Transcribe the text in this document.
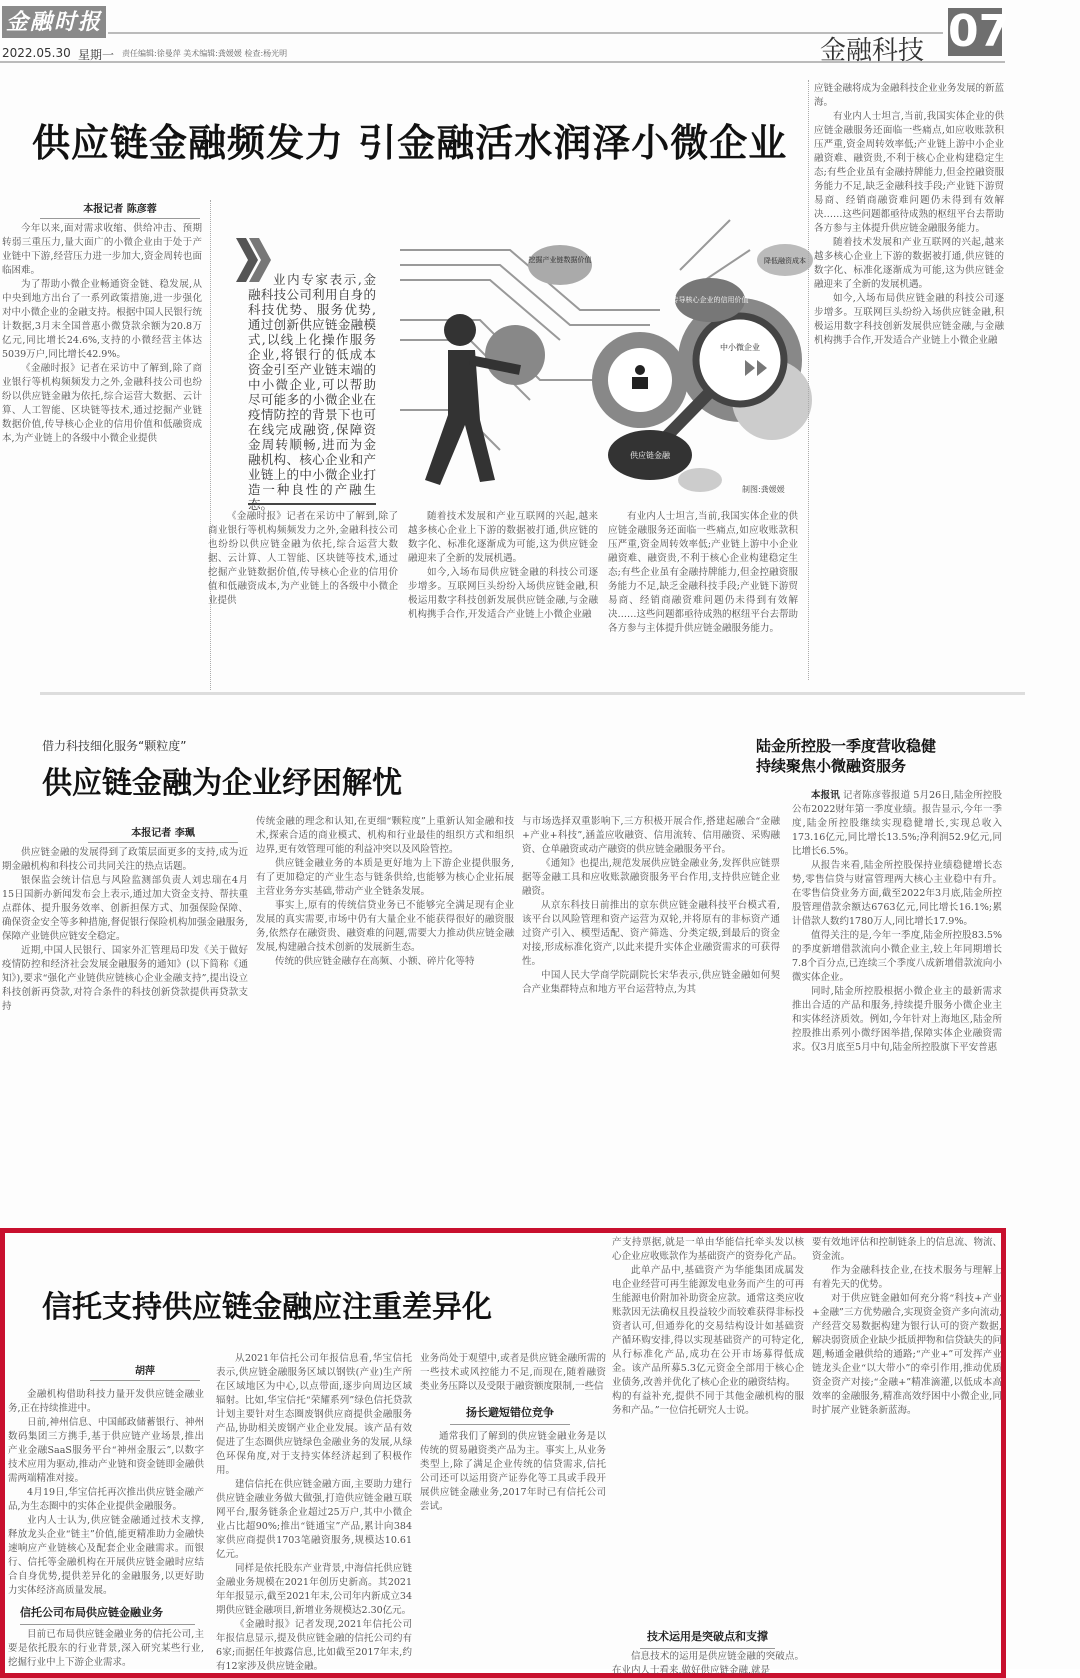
金融时报
2022.05.30 星期一 责任编辑:徐曼萍 美术编辑:龚媛媛 检查:杨光明	金融科技 07
供应链金融频发力 引金融活水润泽小微企业
本报记者 陈彦蓉

今年以来,面对需求收缩、供给冲击、预期转弱三重压力,量大面广的小微企业由于处于产业链中下游,经营压力进一步加大,资金周转也面临困难。

为了帮助小微企业畅通资金链、稳发展,从中央到地方出台了一系列政策措施,进一步强化对中小微企业的金融支持。根据中国人民银行统计数据,3月末全国普惠小微贷款余额为20.8万亿元,同比增长24.6%,支持的小微经营主体达5039万户,同比增长42.9%。

《金融时报》记者在采访中了解到,除了商业银行等机构频频发力之外,金融科技公司也纷纷以供应链金融为依托,综合运营大数据、云计算、人工智能、区块链等技术,通过挖掘产业链数据价值,传导核心企业的信用价值和低融资成本,为产业链上的各级中小微企业提供

业内专家表示,金融科技公司利用自身的科技优势、服务优势,通过创新供应链金融模式,以线上化操作服务企业,将银行的低成本资金引至产业链末端的中小微企业,可以帮助尽可能多的小微企业在疫情防控的背景下也可在线完成融资,保障资金周转顺畅,进而为金融机构、核心企业和产业链上的中小微企业打造一种良性的产融生

挖掘产业链数据价值
传导核心企业的信用价值
降低融资成本
中小微企业
供应链金融
制图:龚媛媛

《金融时报》记者在采访中了解到,除了商业银行等机构频频发力之外,金融科技公司也纷纷以供应链金融为依托,综合运营大数据、云计算、人工智能、区块链等技术,通过挖掘产业链数据价值,传导核心企业的信用价值和低融资成本,为产业链上的各级中小微企业提供

随着技术发展和产业互联网的兴起,越来越多核心企业上下游的数据被打通,供应链的数字化、标准化逐渐成为可能,这为供应链金融迎来了全新的发展机遇。

如今,入场布局供应链金融的科技公司逐步增多。互联网巨头纷纷入场供应链金融,积极运用数字科技创新发展供应链金融,与金融机构携手合作,开发适合产业链上小微企业融

有业内人士坦言,当前,我国实体企业的供应链金融服务还面临一些痛点,如应收账款积压严重,资金周转效率低;产业链上游中小企业融资难、融资贵,不利于核心企业构建稳定生态;有些企业虽有金融持牌能力,但金控融资服务能力不足,缺乏金融科技手段;产业链下游贸易商、经销商融资难问题仍未得到有效解决……这些问题都亟待成熟的枢纽平台去帮助各方参与主体提升供应链金融服务能力。

应链金融将成为金融科技企业业务发展的新蓝海。

有业内人士坦言,当前,我国实体企业的供应链金融服务还面临一些痛点,如应收账款积压严重,资金周转效率低;产业链上游中小企业融资难、融资贵,不利于核心企业构建稳定生态;有些企业虽有金融持牌能力,但金控融资服务能力不足,缺乏金融科技手段;产业链下游贸易商、经销商融资难问题仍未得到有效解决……这些问题都亟待成熟的枢纽平台去帮助各方参与主体提升供应链金融服务能力。

随着技术发展和产业互联网的兴起,越来越多核心企业上下游的数据被打通,供应链的数字化、标准化逐渐成为可能,这为供应链金融迎来了全新的发展机遇。

如今,入场布局供应链金融的科技公司逐步增多。互联网巨头纷纷入场供应链金融,积极运用数字科技创新发展供应链金融,与金融机构携手合作,开发适合产业链上小微企业融

借力科技细化服务“颗粒度”
供应链金融为企业纾困解忧
本报记者 李珮

供应链金融的发展得到了政策层面更多的支持,成为近期金融机构和科技公司共同关注的热点话题。

银保监会统计信息与风险监测部负责人刘忠瑞在4月15日国新办新闻发布会上表示,通过加大资金支持、帮扶重点群体、提升服务效率、创新担保方式、加强保险保障、确保资金安全等多种措施,督促银行保险机构加强金融服务,保障产业链供应链安全稳定。

近期,中国人民银行、国家外汇管理局印发《关于做好疫情防控和经济社会发展金融服务的通知》(以下简称《通知》),要求“强化产业链供应链核心企业金融支持”,提出设立科技创新再贷款,对符合条件的科技创新贷款提供再贷款支持

传统金融的理念和认知,在更细“颗粒度”上重新认知金融和技术,探索合适的商业模式、机构和行业最佳的组织方式和组织边界,更有效管理可能的利益冲突以及风险管控。

供应链金融业务的本质是更好地为上下游企业提供服务,有了更加稳定的产业生态与链条供给,也能够为核心企业拓展主营业务夯实基础,带动产业全链条发展。

事实上,原有的传统信贷业务已不能够完全满足现有企业发展的真实需要,市场中仍有大量企业不能获得很好的融资服务,依然存在融资贵、融资难的问题,需要大力推动供应链金融发展,构建融合技术创新的发展新生态。

传统的供应链金融存在高频、小额、碎片化等特

与市场选择双重影响下,三方积极开展合作,搭建起融合“金融+产业+科技”,涵盖应收融资、信用流转、信用融资、采购融资、仓单融资或动产融资的供应链金融服务平台。

《通知》也提出,规范发展供应链金融业务,发挥供应链票据等金融工具和应收账款融资服务平台作用,支持供应链企业融资。

从京东科技日前推出的京东供应链金融科技平台模式看,该平台以风险管理和资产运营为双轮,并将原有的非标资产通过资产引入、模型适配、资产筛选、分类定级,到最后的资金对接,形成标准化资产,以此来提升实体企业融资需求的可获得性。

中国人民大学商学院副院长宋华表示,供应链金融如何契合产业集群特点和地方平台运营特点,为其

陆金所控股一季度营收稳健
持续聚焦小微融资服务

本报讯 记者陈彦蓉报道 5月26日,陆金所控股公布2022财年第一季度业绩。报告显示,今年一季度,陆金所控股继续实现稳健增长,实现总收入173.16亿元,同比增长13.5%;净利润52.9亿元,同比增长6.5%。

从报告来看,陆金所控股保持业绩稳健增长态势,零售信贷与财富管理两大核心主业稳中有升。在零售信贷业务方面,截至2022年3月底,陆金所控股管理借款余额达6763亿元,同比增长16.1%;累计借款人数约1780万人,同比增长17.9%。

值得关注的是,今年一季度,陆金所控股83.5%的季度新增借款流向小微企业主,较上年同期增长7.8个百分点,已连续三个季度八成新增借款流向小微实体企业。

同时,陆金所控股根据小微企业主的最新需求推出合适的产品和服务,持续提升服务小微企业主和实体经济质效。例如,今年针对上海地区,陆金所控股推出系列小微纾困举措,保障实体企业融资需求。仅3月底至5月中旬,陆金所控股旗下平安普惠

信托支持供应链金融应注重差异化
胡萍

金融机构借助科技力量开发供应链金融业务,正在持续推进中。

日前,神州信息、中国邮政储蓄银行、神州数码集团三方携手,基于供应链产业场景,推出产业金融SaaS服务平台“神州金服云”,以数字技术应用为驱动,推动产业链和资金链即金融供需两端精准对接。

4月19日,华宝信托再次推出供应链金融产品,为生态圈中的实体企业提供金融服务。

业内人士认为,供应链金融通过技术支撑,释放龙头企业“链主”价值,能更精准助力金融快速响应产业链核心及配套企业金融需求。而银行、信托等金融机构在开展供应链金融时应结合自身优势,提供差异化的金融服务,以更好助力实体经济高质量发展。

信托公司布局供应链金融业务

目前已布局供应链金融业务的信托公司,主要是依托股东的行业背景,深入研究某些行业,挖掘行业中上下游企业需求。

从2021年信托公司年报信息看,华宝信托表示,供应链金融服务区域以钢铁(产业)生产所在区域地区为中心,以点带面,逐步向周边区域辐射。比如,华宝信托“荣耀系列”绿色信托贷款计划主要针对生态圈废钢供应商提供金融服务产品,协助相关废钢产业企业发展。该产品有效促进了生态圈供应链绿色金融业务的发展,从绿色环保角度,对于支持实体经济起到了积极作用。

建信信托在供应链金融方面,主要助力建行供应链金融业务做大做强,打造供应链金融互联网平台,服务链条企业超过25万户,其中小微企业占比超90%;推出“链通宝”产品,累计向384家供应商提供1703笔融资服务,规模达10.61亿元。

同样是依托股东产业背景,中海信托供应链金融业务规模在2021年创历史新高。其2021年年报显示,截至2021年末,公司年内新成立34期供应链金融项目,新增业务规模达2.30亿元。

《金融时报》记者发现,2021年信托公司年报信息显示,提及供应链金融的信托公司约有6家;而据任年披露信息,比如截至2017年末,约有12家涉及供应链金融。

业务尚处于观望中,或者是供应链金融所需的一些技术或风控能力不足,而现在,随着融资类业务压降以及受限于融资额度限制,一些信

扬长避短错位竞争

通常我们了解到的供应链金融业务是以传统的贸易融资类产品为主。事实上,从业务类型上,除了满足企业传统的信贷需求,信托公司还可以运用资产证券化等工具或手段开展供应链金融业务,2017年时已有信托公司尝试。

产支持票据,就是一单由华能信托牵头发以核心企业应收账款作为基础资产的资券化产品。

此单产品中,基础资产为华能集团成属发电企业经营可再生能源发电业务而产生的可再生能源电价附加补助资金应款。通常这类应收账款因无法确权且投益较少而较难获得非标投资者认可,但通券化的交易结构设计如基础资产循环购安排,得以实现基础资产的可特定化,从行标准化产品,成功在公开市场募得低成金。该产品所募5.3亿元资金全部用于核心企业债务,改善并优化了核心企业的融资结构。

构的有益补充,提供不同于其他金融机构的服务和产品。”一位信托研究人士说。

技术运用是突破点和支撑

信息技术的运用是供应链金融的突破点。在业内人士看来,做好供应链金融,就是

要有效地评估和控制链条上的信息流、物流、资金流。

作为金融科技企业,在技术服务与理解上有着先天的优势。

对于供应链金融如何充分将“科技+产业+金融”三方优势融合,实现资金资产多向流动,产经营交易数据构建为银行认可的资产数据,解决弱资质企业缺少抵质押物和信贷缺失的问题,畅通金融供给的通路;“产业+”可发挥产业链龙头企业“以大带小”的牵引作用,推动优质资金资产对接;“金融+”精准滴灌,以低成本高效率的金融服务,精准高效纾困中小微企业,同时扩展产业链条新蓝海。
